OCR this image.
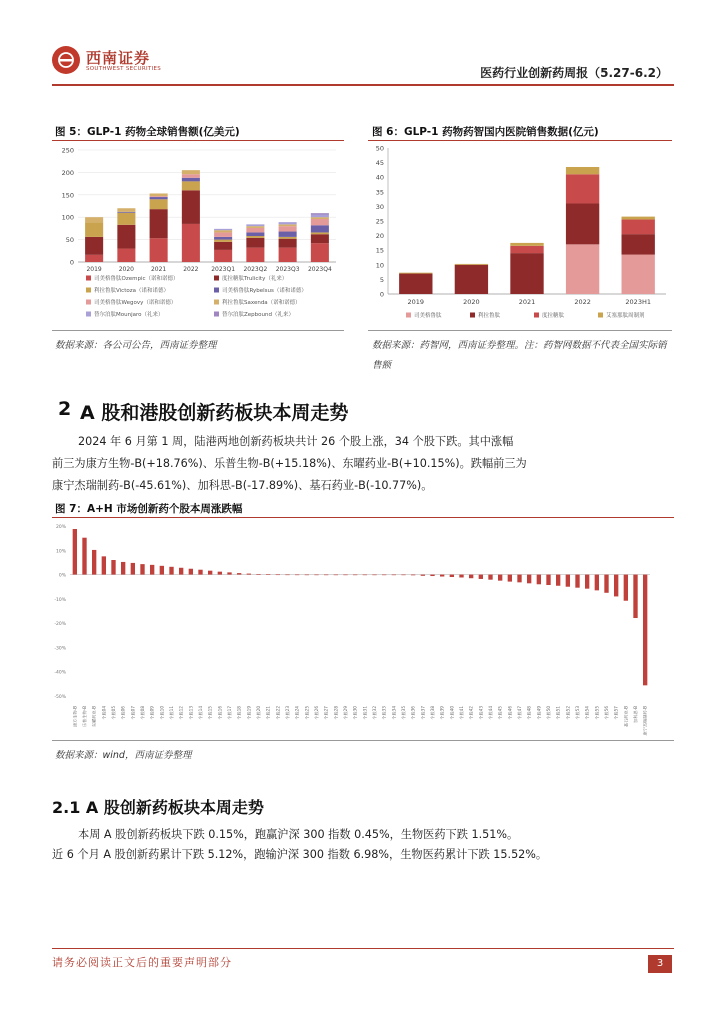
西南证券
SOUTHWEST SECURITIES	医药行业创新药周报（5.27-6.2）
图 5：GLP-1 药物全球销售额(亿美元)
0
50
100
150
200
250
2019	2020	2021	2022 2023Q1 2023Q2 2023Q3 2023Q4
司美格鲁肽Ozempic（诺和诺德）	度拉糖肽Trulicity（礼来）
利拉鲁肽Victoza（诺和诺德）	司美格鲁肽Rybelsus（诺和诺德）
司美格鲁肽Wegovy（诺和诺德）	利拉鲁肽Saxenda（诺和诺德）
替尔泊肽Mounjaro（礼来）	替尔泊肽Zepbound（礼来）
数据来源：各公司公告，西南证券整理
图 6：GLP-1 药物药智国内医院销售数据(亿元)
0
5
10
15
20
25
30
35
40
45
50
2019	2020	2021	2022	2023H1
司美格鲁肽	利拉鲁肽	度拉糖肽	艾塞那肽周制剂
数据来源：药智网，西南证券整理。注：药智网数据不代表全国实际销
售额
2 A 股和港股创新药板块本周走势
2024 年 6 月第 1 周，陆港两地创新药板块共计 26 个股上涨，34 个股下跌。其中涨幅
前三为康方生物-B(+18.76%)、乐普生物-B(+15.18%)、东曜药业-B(+10.15%)。跌幅前三为
康宁杰瑞制药-B(-45.61%)、加科思-B(-17.89%)、基石药业-B(-10.77%)。
图 7：A+H 市场创新药个股本周涨跌幅
20%
10%
0%
-10%
-20%
-30%
-40%
-50%
康方生物-B 乐普生物-B 东曜药业-B 个股04 个股05 个股06 个股07 个股08 个股09 个股10 个股11 个股12 个股13 个股14 个股15 个股16 个股17 个股18 个股19 个股20 个股21 个股22 个股23 个股24 个股25 个股26 个股27 个股28 个股29 个股30 个股31 个股32 个股33 个股34 个股35 个股36 个股37 个股38 个股39 个股40 个股41 个股42 个股43 个股44 个股45 个股46 个股47 个股48 个股49 个股50 个股51 个股52 个股53 个股54 个股55 个股56 个股57 基石药业-B 加科思-B 康宁杰瑞制药-B
数据来源：wind，西南证券整理
2.1 A 股创新药板块本周走势
本周 A 股创新药板块下跌 0.15%，跑赢沪深 300 指数 0.45%，生物医药下跌 1.51%。
近 6 个月 A 股创新药累计下跌 5.12%，跑输沪深 300 指数 6.98%，生物医药累计下跌 15.52%。
请务必阅读正文后的重要声明部分	3
